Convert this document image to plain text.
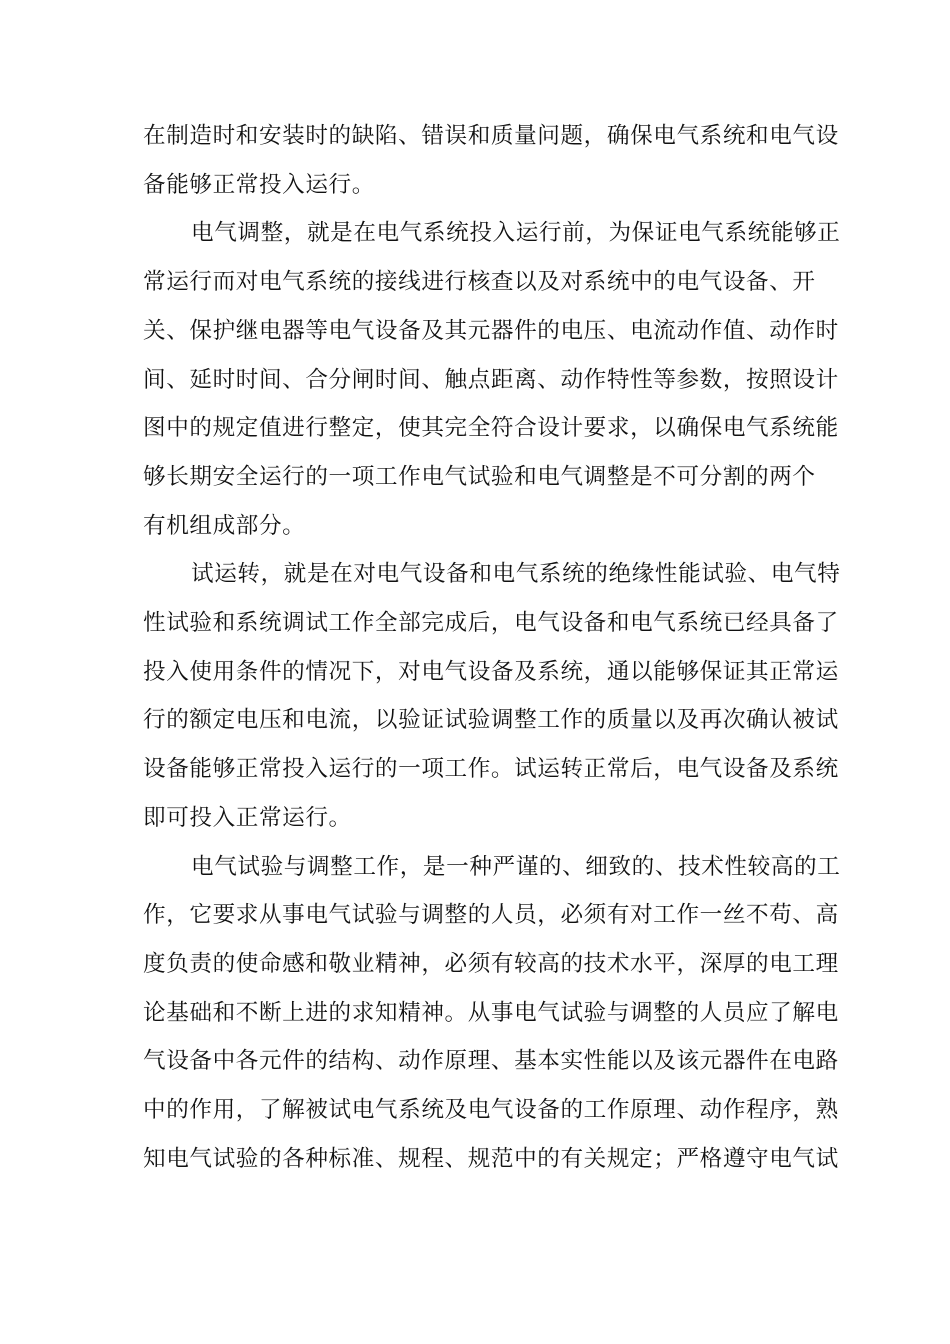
在制造时和安装时的缺陷、错误和质量问题，确保电气系统和电气设
备能够正常投入运行。

电气调整，就是在电气系统投入运行前，为保证电气系统能够正
常运行而对电气系统的接线进行核查以及对系统中的电气设备、开
关、保护继电器等电气设备及其元器件的电压、电流动作值、动作时
间、延时时间、合分闸时间、触点距离、动作特性等参数，按照设计
图中的规定值进行整定，使其完全符合设计要求，以确保电气系统能
够长期安全运行的一项工作电气试验和电气调整是不可分割的两个
有机组成部分。

试运转，就是在对电气设备和电气系统的绝缘性能试验、电气特
性试验和系统调试工作全部完成后，电气设备和电气系统已经具备了
投入使用条件的情况下，对电气设备及系统，通以能够保证其正常运
行的额定电压和电流，以验证试验调整工作的质量以及再次确认被试
设备能够正常投入运行的一项工作。试运转正常后，电气设备及系统
即可投入正常运行。

电气试验与调整工作，是一种严谨的、细致的、技术性较高的工
作，它要求从事电气试验与调整的人员，必须有对工作一丝不苟、高
度负责的使命感和敬业精神，必须有较高的技术水平，深厚的电工理
论基础和不断上进的求知精神。从事电气试验与调整的人员应了解电
气设备中各元件的结构、动作原理、基本实性能以及该元器件在电路
中的作用，了解被试电气系统及电气设备的工作原理、动作程序，熟
知电气试验的各种标准、规程、规范中的有关规定；严格遵守电气试
